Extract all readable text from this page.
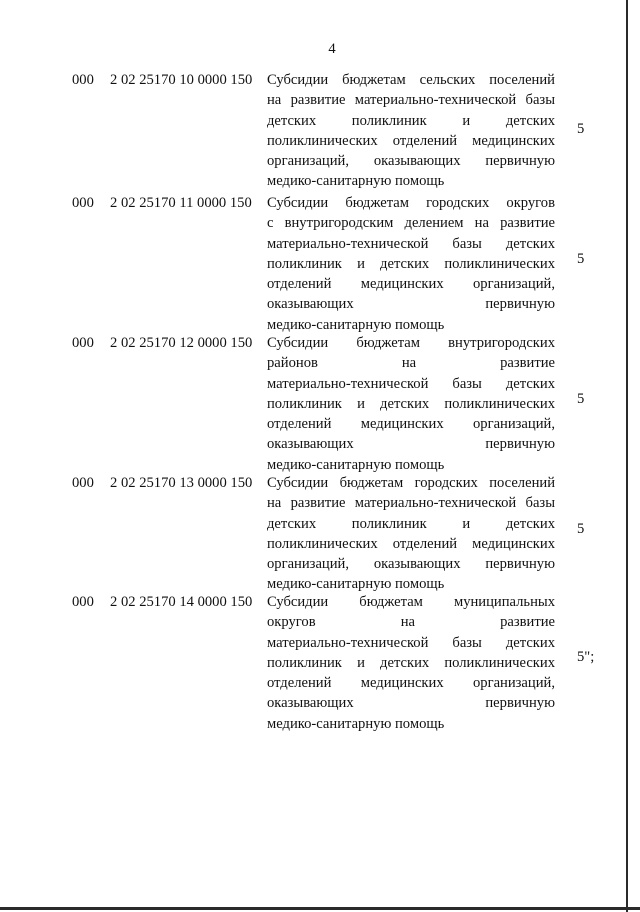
4
000 2 02 25170 10 0000 150 Субсидии бюджетам сельских поселений
на развитие материально-технической базы
детских поликлиник и детских
поликлинических отделений медицинских
организаций, оказывающих первичную
медико-санитарную помощь
5
000 2 02 25170 11 0000 150 Субсидии бюджетам городских округов
с внутригородским делением на развитие
материально-технической базы детских
поликлиник и детских поликлинических
отделений медицинских организаций,
оказывающих первичную
медико-санитарную помощь
5
000 2 02 25170 12 0000 150 Субсидии бюджетам внутригородских
районов на развитие
материально-технической базы детских
поликлиник и детских поликлинических
отделений медицинских организаций,
оказывающих первичную
медико-санитарную помощь
5
000 2 02 25170 13 0000 150 Субсидии бюджетам городских поселений
на развитие материально-технической базы
детских поликлиник и детских
поликлинических отделений медицинских
организаций, оказывающих первичную
медико-санитарную помощь
5
000 2 02 25170 14 0000 150 Субсидии бюджетам муниципальных
округов на развитие
материально-технической базы детских
поликлиник и детских поликлинических
отделений медицинских организаций,
оказывающих первичную
медико-санитарную помощь
5";
